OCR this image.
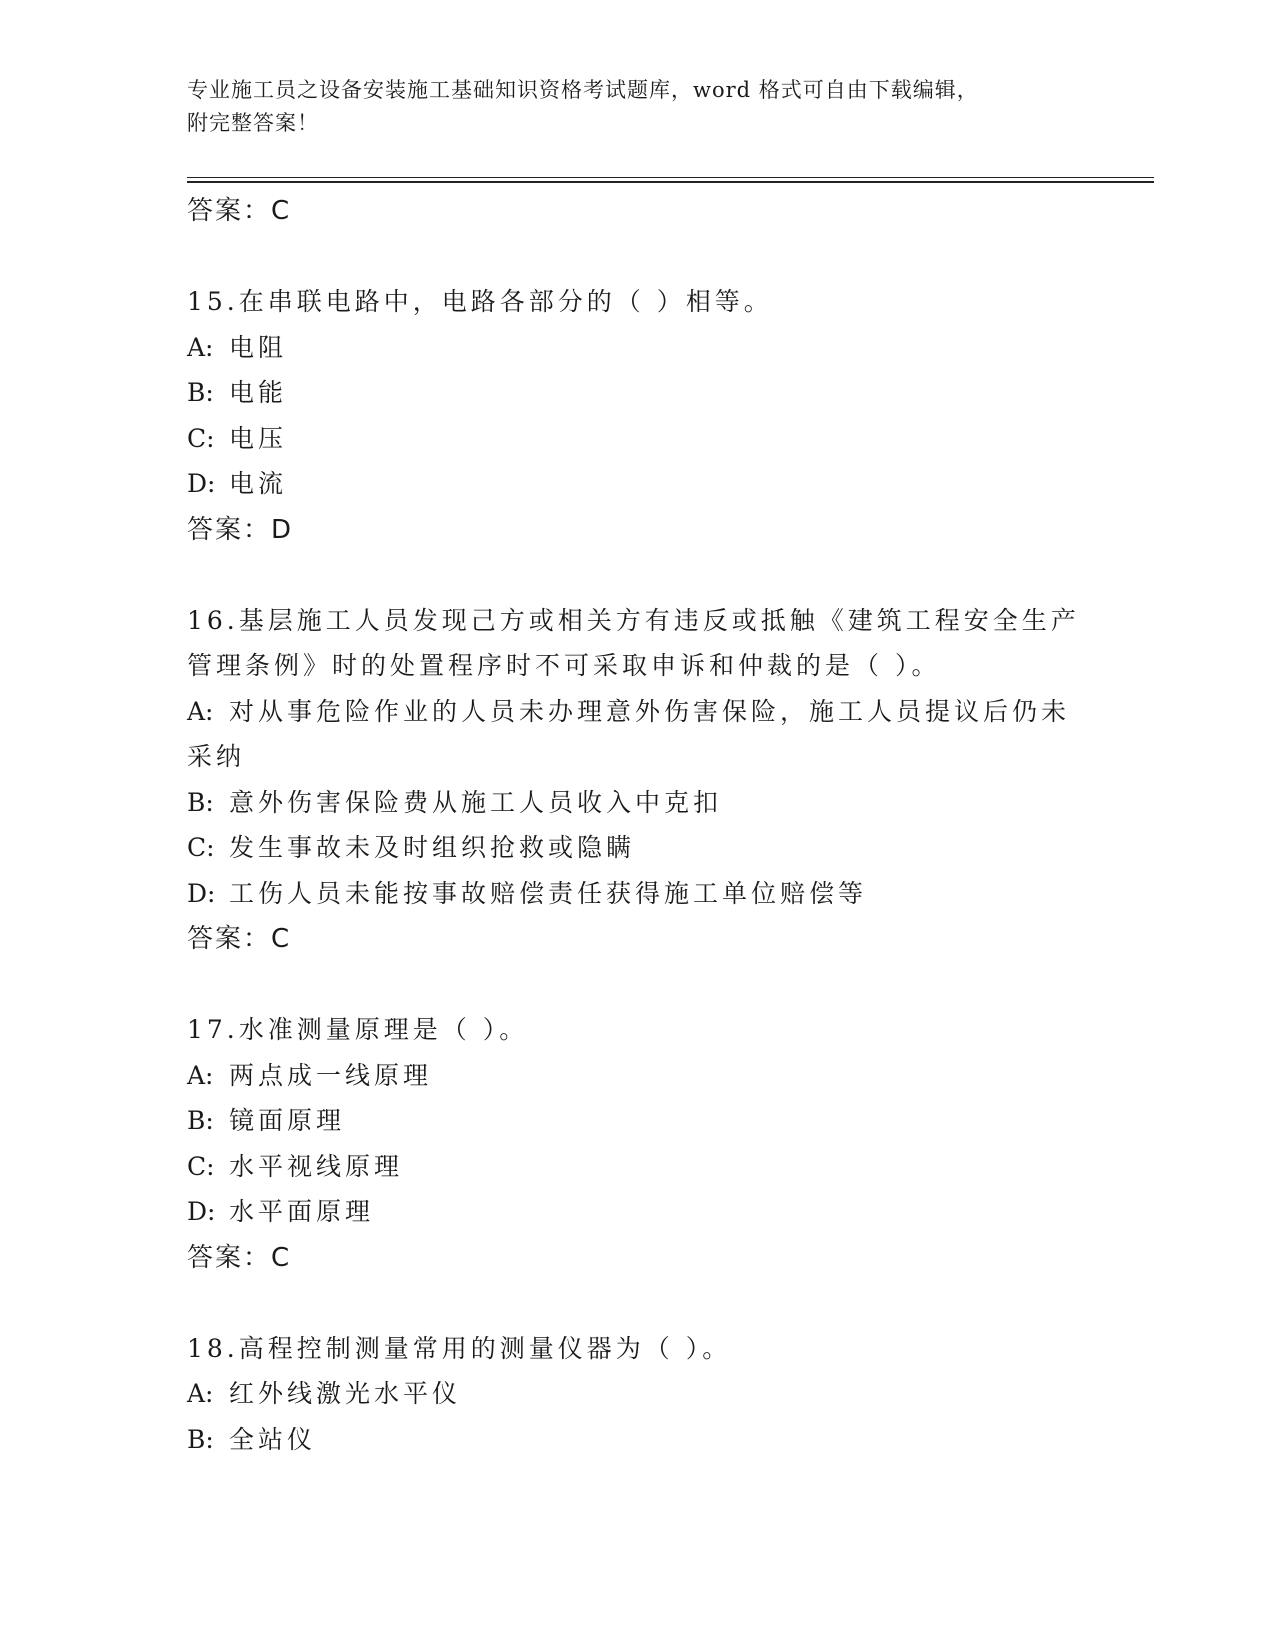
专业施工员之设备安装施工基础知识资格考试题库，word 格式可自由下载编辑，
附完整答案！
答案：C
15.在串联电路中，电路各部分的（ ）相等。
A: 电阻
B: 电能
C: 电压
D: 电流
答案：D
16.基层施工人员发现己方或相关方有违反或抵触《建筑工程安全生产
管理条例》时的处置程序时不可采取申诉和仲裁的是（ ）。
A: 对从事危险作业的人员未办理意外伤害保险，施工人员提议后仍未
采纳
B: 意外伤害保险费从施工人员收入中克扣
C: 发生事故未及时组织抢救或隐瞒
D: 工伤人员未能按事故赔偿责任获得施工单位赔偿等
答案：C
17.水准测量原理是（ ）。
A: 两点成一线原理
B: 镜面原理
C: 水平视线原理
D: 水平面原理
答案：C
18.高程控制测量常用的测量仪器为（ ）。
A: 红外线激光水平仪
B: 全站仪
